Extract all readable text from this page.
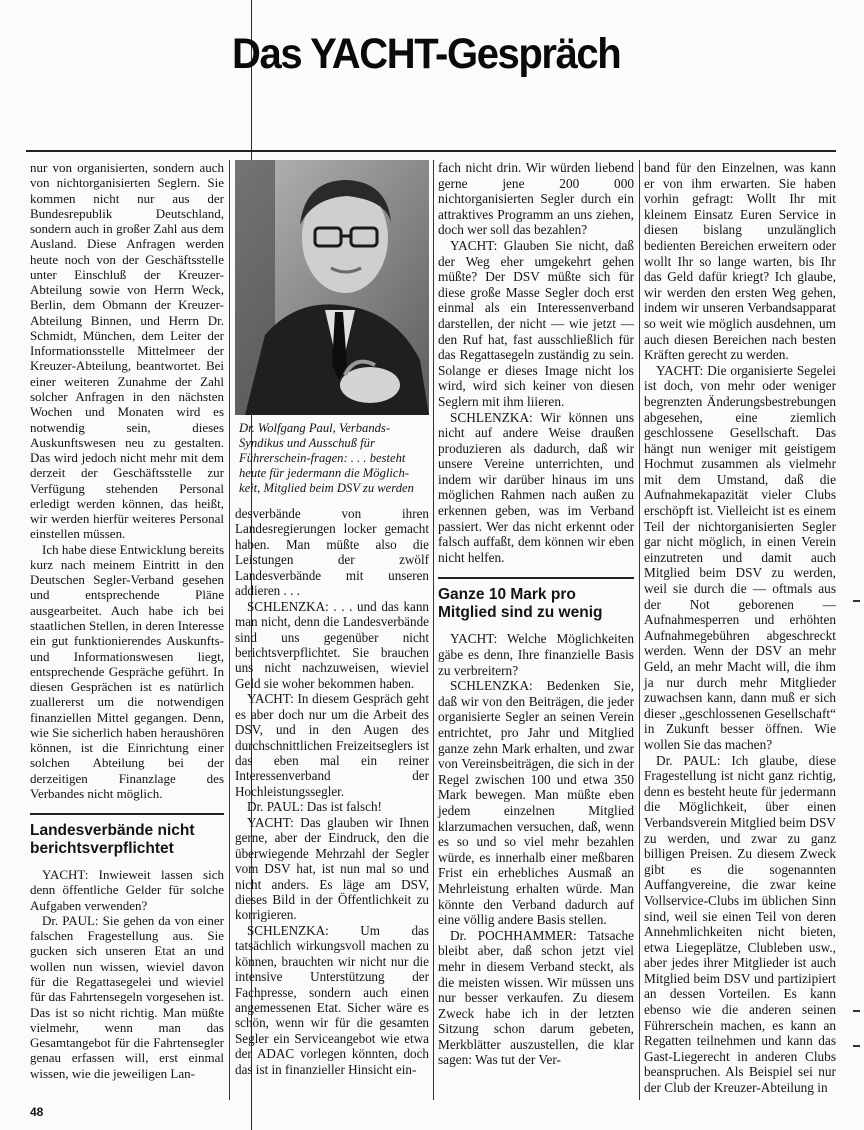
Das YACHT-Gespräch

nur von organisierten, sondern auch von nichtorganisierten Seglern. Sie kommen nicht nur aus der Bundesrepublik Deutschland, sondern auch in großer Zahl aus dem Ausland. Diese Anfragen werden heute noch von der Geschäftsstelle unter Einschluß der Kreuzer-Abteilung sowie von Herrn Weck, Berlin, dem Obmann der Kreuzer-Abteilung Binnen, und Herrn Dr. Schmidt, München, dem Leiter der Informationsstelle Mittelmeer der Kreuzer-Abteilung, beantwortet. Bei einer weiteren Zunahme der Zahl solcher Anfragen in den nächsten Wochen und Monaten wird es notwendig sein, dieses Auskunftswesen neu zu gestalten. Das wird jedoch nicht mehr mit dem derzeit der Geschäftsstelle zur Verfügung stehenden Personal erledigt werden können, das heißt, wir werden hierfür weiteres Personal einstellen müssen.

Ich habe diese Entwicklung bereits kurz nach meinem Eintritt in den Deutschen Segler-Verband gesehen und entsprechende Pläne ausgearbeitet. Auch habe ich bei staatlichen Stellen, in deren Interesse ein gut funktionierendes Auskunfts- und Informationswesen liegt, entsprechende Gespräche geführt. In diesen Gesprächen ist es natürlich zuallererst um die notwendigen finanziellen Mittel gegangen. Denn, wie Sie sicherlich haben heraushören können, ist die Einrichtung einer solchen Abteilung bei der derzeitigen Finanzlage des Verbandes nicht möglich.

Landesverbände nicht berichtsverpflichtet

YACHT: Inwieweit lassen sich denn öffentliche Gelder für solche Aufgaben verwenden?

Dr. PAUL: Sie gehen da von einer falschen Fragestellung aus. Sie gucken sich unseren Etat an und wollen nun wissen, wieviel davon für die Regattasegelei und wieviel für das Fahrtensegeln vorgesehen ist. Das ist so nicht richtig. Man müßte vielmehr, wenn man das Gesamtangebot für die Fahrtensegler genau erfassen will, erst einmal wissen, wie die jeweiligen Lan-

Dr. Wolfgang Paul, Verbands-Syndikus und Ausschuß für Führerschein-fragen: . . . besteht heute für jedermann die Möglich-keit, Mitglied beim DSV zu werden

desverbände von ihren Landesregierungen locker gemacht haben. Man müßte also die Leistungen der zwölf Landesverbände mit unseren addieren . . .

SCHLENZKA: . . . und das kann man nicht, denn die Landesverbände sind uns gegenüber nicht berichtsverpflichtet. Sie brauchen uns nicht nachzuweisen, wieviel Geld sie woher bekommen haben.

YACHT: In diesem Gespräch geht es aber doch nur um die Arbeit des DSV, und in den Augen des durchschnittlichen Freizeitseglers ist das eben mal ein reiner Interessenverband der Hochleistungssegler.

Dr. PAUL: Das ist falsch!

YACHT: Das glauben wir Ihnen gerne, aber der Eindruck, den die überwiegende Mehrzahl der Segler vom DSV hat, ist nun mal so und nicht anders. Es läge am DSV, dieses Bild in der Öffentlichkeit zu korrigieren.

SCHLENZKA: Um das tatsächlich wirkungsvoll machen zu können, brauchten wir nicht nur die intensive Unterstützung der Fachpresse, sondern auch einen angemessenen Etat. Sicher wäre es schön, wenn wir für die gesamten Segler ein Serviceangebot wie etwa der ADAC vorlegen könnten, doch das ist in finanzieller Hinsicht ein-

fach nicht drin. Wir würden liebend gerne jene 200 000 nichtorganisierten Segler durch ein attraktives Programm an uns ziehen, doch wer soll das bezahlen?

YACHT: Glauben Sie nicht, daß der Weg eher umgekehrt gehen müßte? Der DSV müßte sich für diese große Masse Segler doch erst einmal als ein Interessenverband darstellen, der nicht — wie jetzt — den Ruf hat, fast ausschließlich für das Regattasegeln zuständig zu sein. Solange er dieses Image nicht los wird, wird sich keiner von diesen Seglern mit ihm liieren.

SCHLENZKA: Wir können uns nicht auf andere Weise draußen produzieren als dadurch, daß wir unsere Vereine unterrichten, und indem wir darüber hinaus im uns möglichen Rahmen nach außen zu erkennen geben, was im Verband passiert. Wer das nicht erkennt oder falsch auffaßt, dem können wir eben nicht helfen.

Ganze 10 Mark pro Mitglied sind zu wenig

YACHT: Welche Möglichkeiten gäbe es denn, Ihre finanzielle Basis zu verbreitern?

SCHLENZKA: Bedenken Sie, daß wir von den Beiträgen, die jeder organisierte Segler an seinen Verein entrichtet, pro Jahr und Mitglied ganze zehn Mark erhalten, und zwar von Vereinsbeiträgen, die sich in der Regel zwischen 100 und etwa 350 Mark bewegen. Man müßte eben jedem einzelnen Mitglied klarzumachen versuchen, daß, wenn es so und so viel mehr bezahlen würde, es innerhalb einer meßbaren Frist ein erhebliches Ausmaß an Mehrleistung erhalten würde. Man könnte den Verband dadurch auf eine völlig andere Basis stellen.

Dr. POCHHAMMER: Tatsache bleibt aber, daß schon jetzt viel mehr in diesem Verband steckt, als die meisten wissen. Wir müssen uns nur besser verkaufen. Zu diesem Zweck habe ich in der letzten Sitzung schon darum gebeten, Merkblätter auszustellen, die klar sagen: Was tut der Ver-

band für den Einzelnen, was kann er von ihm erwarten. Sie haben vorhin gefragt: Wollt Ihr mit kleinem Einsatz Euren Service in diesen bislang unzulänglich bedienten Bereichen erweitern oder wollt Ihr so lange warten, bis Ihr das Geld dafür kriegt? Ich glaube, wir werden den ersten Weg gehen, indem wir unseren Verbandsapparat so weit wie möglich ausdehnen, um auch diesen Bereichen nach besten Kräften gerecht zu werden.

YACHT: Die organisierte Segelei ist doch, von mehr oder weniger begrenzten Änderungsbestrebungen abgesehen, eine ziemlich geschlossene Gesellschaft. Das hängt nun weniger mit geistigem Hochmut zusammen als vielmehr mit dem Umstand, daß die Aufnahmekapazität vieler Clubs erschöpft ist. Vielleicht ist es einem Teil der nichtorganisierten Segler gar nicht möglich, in einen Verein einzutreten und damit auch Mitglied beim DSV zu werden, weil sie durch die — oftmals aus der Not geborenen — Aufnahmesperren und erhöhten Aufnahmegebühren abgeschreckt werden. Wenn der DSV an mehr Geld, an mehr Macht will, die ihm ja nur durch mehr Mitglieder zuwachsen kann, dann muß er sich dieser „geschlossenen Gesellschaft“ in Zukunft besser öffnen. Wie wollen Sie das machen?

Dr. PAUL: Ich glaube, diese Fragestellung ist nicht ganz richtig, denn es besteht heute für jedermann die Möglichkeit, über einen Verbandsverein Mitglied beim DSV zu werden, und zwar zu ganz billigen Preisen. Zu diesem Zweck gibt es die sogenannten Auffangvereine, die zwar keine Vollservice-Clubs im üblichen Sinn sind, weil sie einen Teil von deren Annehmlichkeiten nicht bieten, etwa Liegeplätze, Clubleben usw., aber jedes ihrer Mitglieder ist auch Mitglied beim DSV und partizipiert an dessen Vorteilen. Es kann ebenso wie die anderen seinen Führerschein machen, es kann an Regatten teilnehmen und kann das Gast-Liegerecht in anderen Clubs beanspruchen. Als Beispiel sei nur der Club der Kreuzer-Abteilung in

48
